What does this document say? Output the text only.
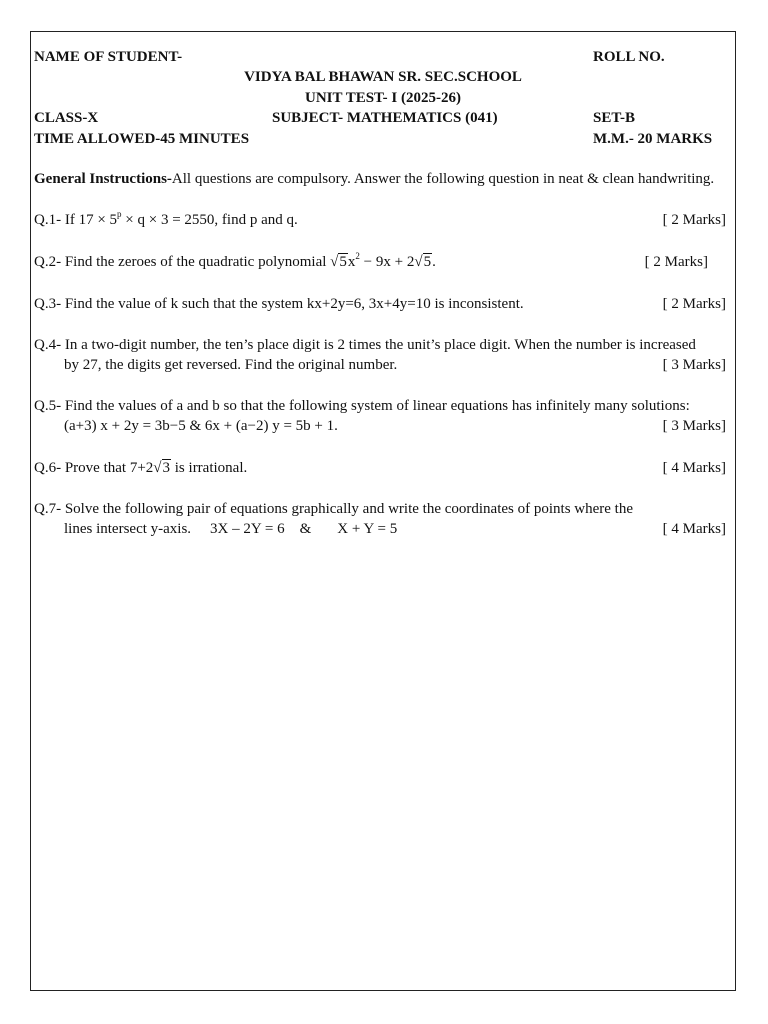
NAME OF STUDENT-	ROLL NO.
VIDYA BAL BHAWAN SR. SEC.SCHOOL
UNIT TEST- I (2025-26)
CLASS-X	SUBJECT- MATHEMATICS (041)	SET-B
TIME ALLOWED-45 MINUTES	M.M.- 20 MARKS
General Instructions-All questions are compulsory. Answer the following question in neat & clean handwriting.
Q.1- If $17 \times 5^p \times q \times 3 = 2550$, find p and q.	[ 2 Marks]
Q.2- Find the zeroes of the quadratic polynomial $√5x^2 - 9x + 2√5$.	[ 2 Marks]
Q.3- Find the value of k such that the system kx+2y=6, 3x+4y=10 is inconsistent.	[ 2 Marks]
Q.4- In a two-digit number, the ten’s place digit is 2 times the unit’s place digit. When the number is increased
by 27, the digits get reversed. Find the original number.	[ 3 Marks]
Q.5- Find the values of a and b so that the following system of linear equations has infinitely many solutions:
(a+3) x + 2y = 3b−5 & 6x + (a−2) y = 5b + 1.	[ 3 Marks]
Q.6- Prove that 7+2√3 is irrational.	[ 4 Marks]
Q.7- Solve the following pair of equations graphically and write the coordinates of points where the
lines intersect y-axis. 3X – 2Y = 6 & X + Y = 5	[ 4 Marks]
